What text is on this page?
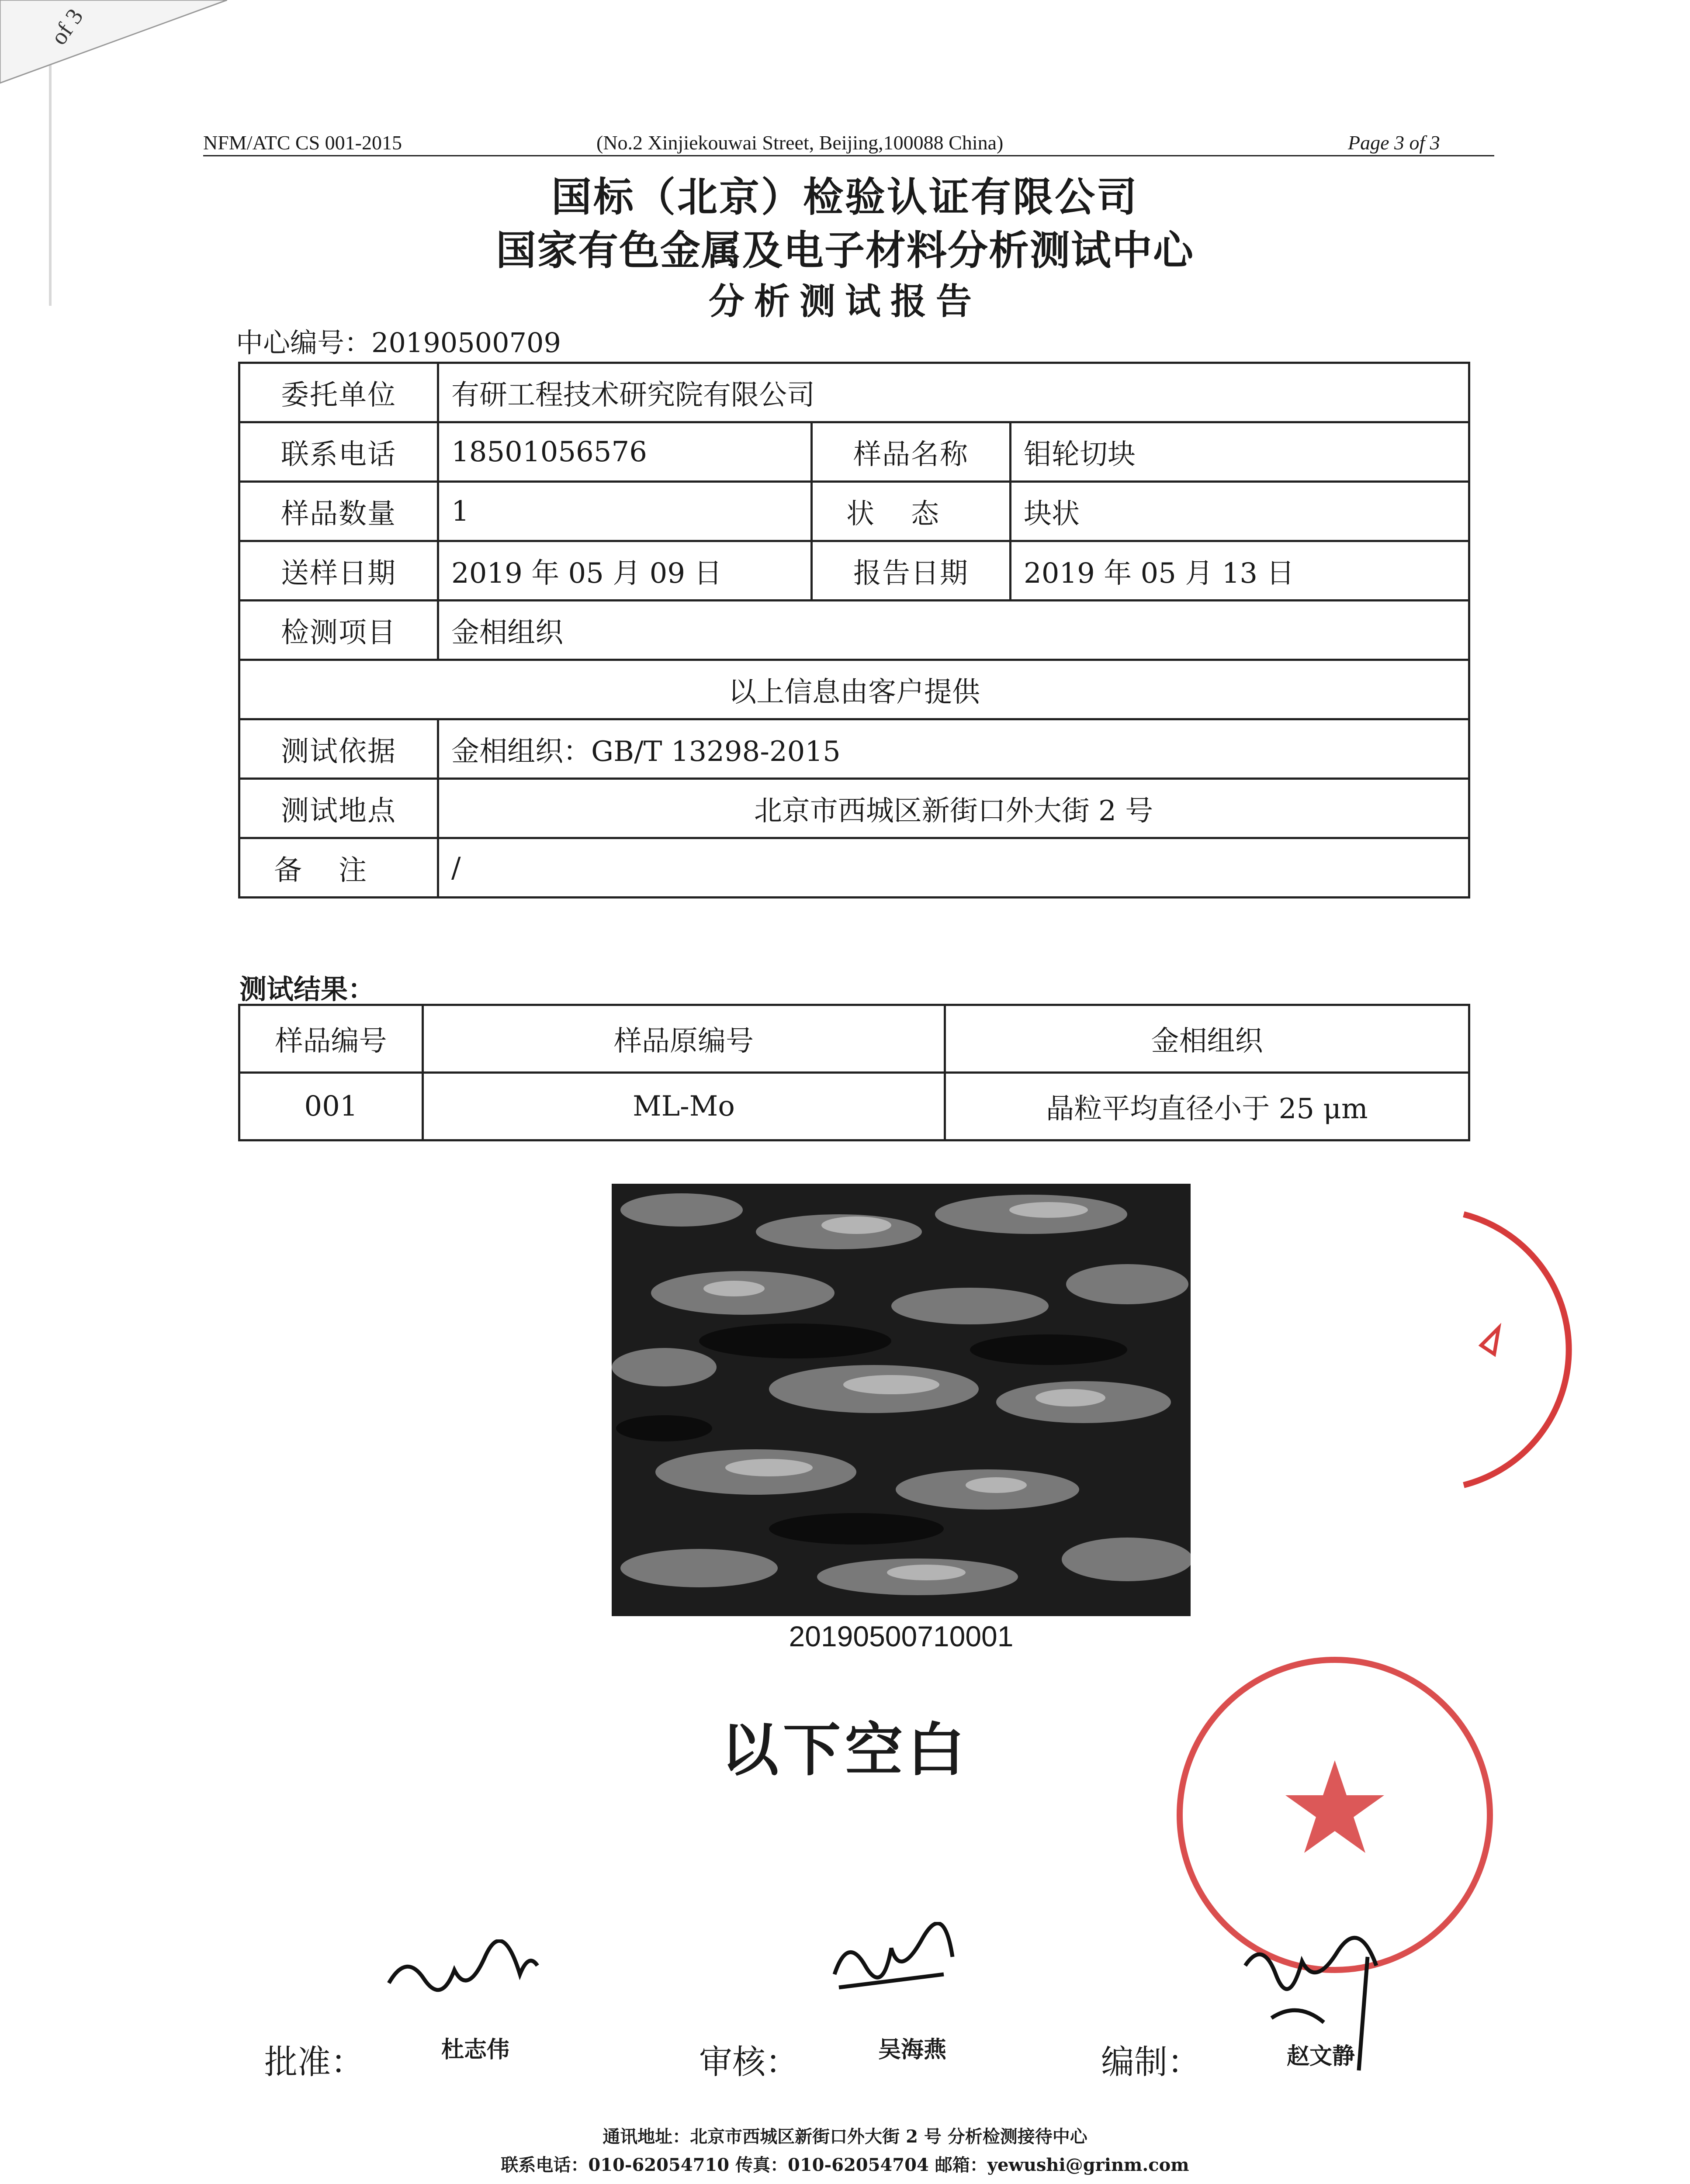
of 3
NFM/ATC CS 001-2015	(No.2 Xinjiekouwai Street, Beijing,100088 China)	Page 3 of 3
国标（北京）检验认证有限公司
国家有色金属及电子材料分析测试中心
分析测试报告
中心编号：20190500709
委托单位	有研工程技术研究院有限公司		
联系电话	18501056576	样品名称	钼轮切块
样品数量	1	状态	块状
送样日期	2019 年 05 月 09 日	报告日期	2019 年 05 月 13 日
检测项目	金相组织		
以上信息由客户提供			
测试依据	金相组织：GB/T 13298-2015		
测试地点	北京市西城区新街口外大街 2 号		
备注	/		
测试结果：
样品编号	样品原编号	金相组织
001	ML-Mo	晶粒平均直径小于 25 μm
20190500710001
以下空白
批准：	杜志伟	审核：	吴海燕	编制：	赵文静
通讯地址：北京市西城区新街口外大街 2 号 分析检测接待中心
联系电话：010-62054710 传真：010-62054704 邮箱：yewushi@grinm.com
